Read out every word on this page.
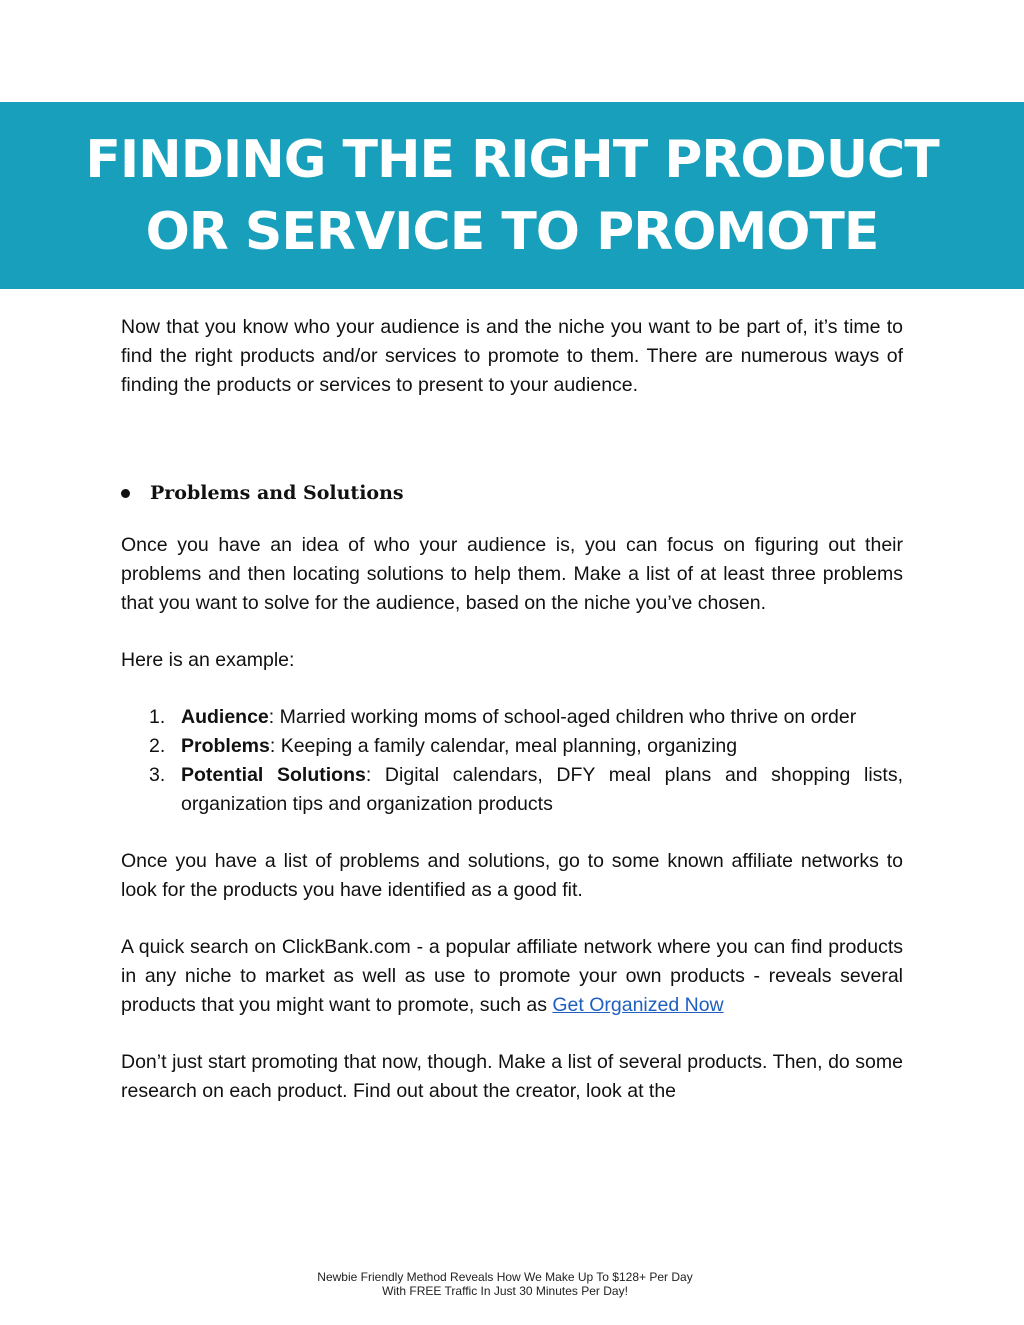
FINDING THE RIGHT PRODUCT
OR SERVICE TO PROMOTE

Now that you know who your audience is and the niche you want to be part of, it’s time to find the right products and/or services to promote to them. There are numerous ways of finding the products or services to present to your audience.

Problems and Solutions

Once you have an idea of who your audience is, you can focus on figuring out their problems and then locating solutions to help them. Make a list of at least three problems that you want to solve for the audience, based on the niche you’ve chosen.

Here is an example:

1. Audience: Married working moms of school-aged children who thrive on order
2. Problems: Keeping a family calendar, meal planning, organizing
3. Potential Solutions: Digital calendars, DFY meal plans and shopping lists, organization tips and organization products

Once you have a list of problems and solutions, go to some known affiliate networks to look for the products you have identified as a good fit.

A quick search on ClickBank.com - a popular affiliate network where you can find products in any niche to market as well as use to promote your own products - reveals several products that you might want to promote, such as Get Organized Now

Don’t just start promoting that now, though. Make a list of several products. Then, do some research on each product. Find out about the creator, look at the

Newbie Friendly Method Reveals How We Make Up To $128+ Per Day
With FREE Traffic In Just 30 Minutes Per Day!
